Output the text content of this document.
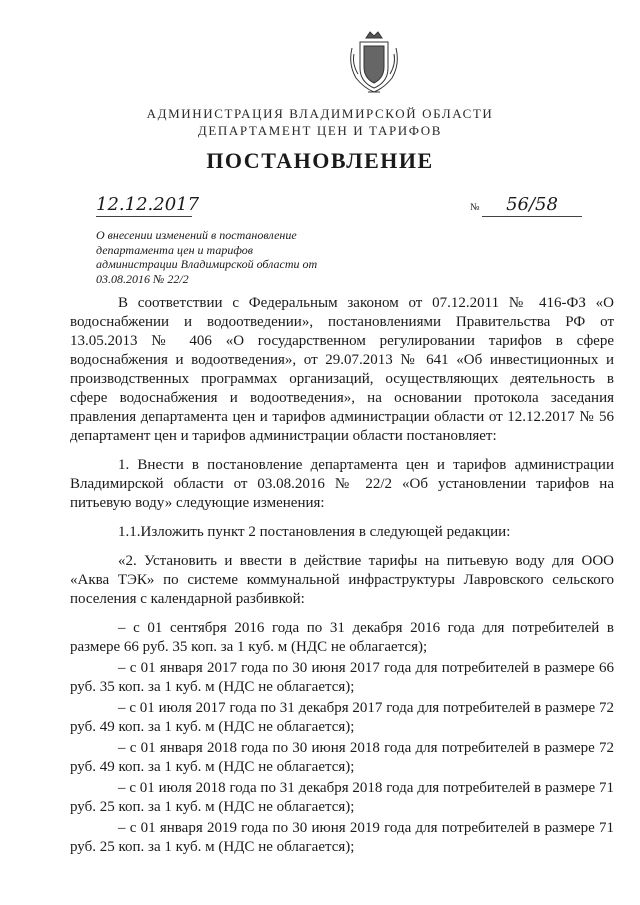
АДМИНИСТРАЦИЯ ВЛАДИМИРСКОЙ ОБЛАСТИ
ДЕПАРТАМЕНТ ЦЕН И ТАРИФОВ
ПОСТАНОВЛЕНИЕ
12.12.2017	№	56/58
О внесении изменений в постановление департамента цен и тарифов администрации Владимирской области от 03.08.2016 № 22/2

В соответствии с Федеральным законом от 07.12.2011 № 416-ФЗ «О водоснабжении и водоотведении», постановлениями Правительства РФ от 13.05.2013 № 406 «О государственном регулировании тарифов в сфере водоснабжения и водоотведения», от 29.07.2013 № 641 «Об инвестиционных и производственных программах организаций, осуществляющих деятельность в сфере водоснабжения и водоотведения», на основании протокола заседания правления департамента цен и тарифов администрации области от 12.12.2017 № 56 департамент цен и тарифов администрации области постановляет:

1. Внести в постановление департамента цен и тарифов администрации Владимирской области от 03.08.2016 № 22/2 «Об установлении тарифов на питьевую воду» следующие изменения:

1.1.Изложить пункт 2 постановления в следующей редакции:

«2. Установить и ввести в действие тарифы на питьевую воду для ООО «Аква ТЭК» по системе коммунальной инфраструктуры Лавровского сельского поселения с календарной разбивкой:

– с 01 сентября 2016 года по 31 декабря 2016 года для потребителей в размере 66 руб. 35 коп. за 1 куб. м (НДС не облагается);

– с 01 января 2017 года по 30 июня 2017 года для потребителей в размере 66 руб. 35 коп. за 1 куб. м (НДС не облагается);

– с 01 июля 2017 года по 31 декабря 2017 года для потребителей в размере 72 руб. 49 коп. за 1 куб. м (НДС не облагается);

– с 01 января 2018 года по 30 июня 2018 года для потребителей в размере 72 руб. 49 коп. за 1 куб. м (НДС не облагается);

– с 01 июля 2018 года по 31 декабря 2018 года для потребителей в размере 71 руб. 25 коп. за 1 куб. м (НДС не облагается);

– с 01 января 2019 года по 30 июня 2019 года для потребителей в размере 71 руб. 25 коп. за 1 куб. м (НДС не облагается);
